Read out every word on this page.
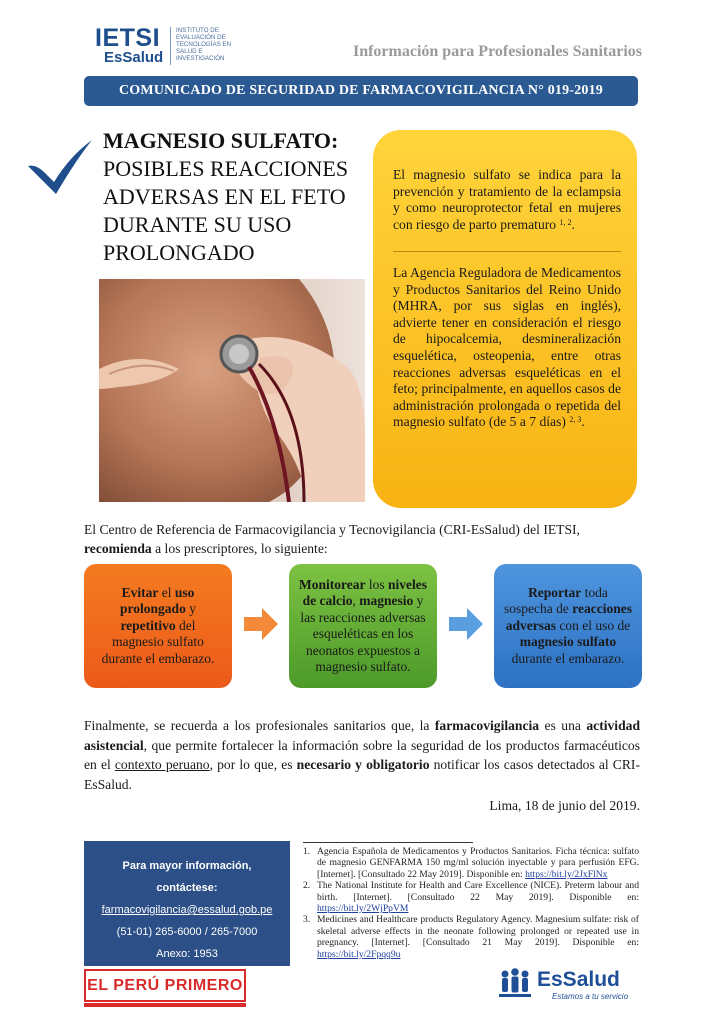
IETSI
EsSalud
INSTITUTO DE EVALUACIÓN DE TECNOLOGÍAS EN SALUD E INVESTIGACIÓN	Información para Profesionales Sanitarios
COMUNICADO DE SEGURIDAD DE FARMACOVIGILANCIA N° 019-2019
MAGNESIO SULFATO:
POSIBLES REACCIONES ADVERSAS EN EL FETO DURANTE SU USO PROLONGADO
El magnesio sulfato se indica para la prevención y tratamiento de la eclampsia y como neuroprotector fetal en mujeres con riesgo de parto prematuro $^{1, 2}$.
La Agencia Reguladora de Medicamentos y Productos Sanitarios del Reino Unido (MHRA, por sus siglas en inglés), advierte tener en consideración el riesgo de hipocalcemia, desmineralización esquelética, osteopenia, entre otras reacciones adversas esqueléticas en el feto; principalmente, en aquellos casos de administración prolongada o repetida del magnesio sulfato (de 5 a 7 días) $^{2, 3}$.
El Centro de Referencia de Farmacovigilancia y Tecnovigilancia (CRI-EsSalud) del IETSI, recomienda a los prescriptores, lo siguiente:
Evitar el uso prolongado y repetitivo del magnesio sulfato durante el embarazo.
Monitorear los niveles de calcio, magnesio y las reacciones adversas esqueléticas en los neonatos expuestos a magnesio sulfato.
Reportar toda sospecha de reacciones adversas con el uso de magnesio sulfato durante el embarazo.
Finalmente, se recuerda a los profesionales sanitarios que, la farmacovigilancia es una actividad asistencial, que permite fortalecer la información sobre la seguridad de los productos farmacéuticos en el contexto peruano, por lo que, es necesario y obligatorio notificar los casos detectados al CRI-EsSalud.
Lima, 18 de junio del 2019.
Para mayor información,
contáctese:
farmacovigilancia@essalud.gob.pe
(51-01) 265-6000 / 265-7000
Anexo: 1953
1. Agencia Española de Medicamentos y Productos Sanitarios. Ficha técnica: sulfato de magnesio GENFARMA 150 mg/ml solución inyectable y para perfusión EFG. [Internet]. [Consultado 22 May 2019]. Disponible en: https://bit.ly/2JxFlNx
2. The National Institute for Health and Care Excellence (NICE). Preterm labour and birth. [Internet]. [Consultado 22 May 2019]. Disponible en: https://bit.ly/2WjPpVM
3. Medicines and Healthcare products Regulatory Agency. Magnesium sulfate: risk of skeletal adverse effects in the neonate following prolonged or repeated use in pregnancy. [Internet]. [Consultado 21 May 2019]. Disponible en: https://bit.ly/2Fpqq9u
EL PERÚ PRIMERO	EsSalud
Estamos a tu servicio
